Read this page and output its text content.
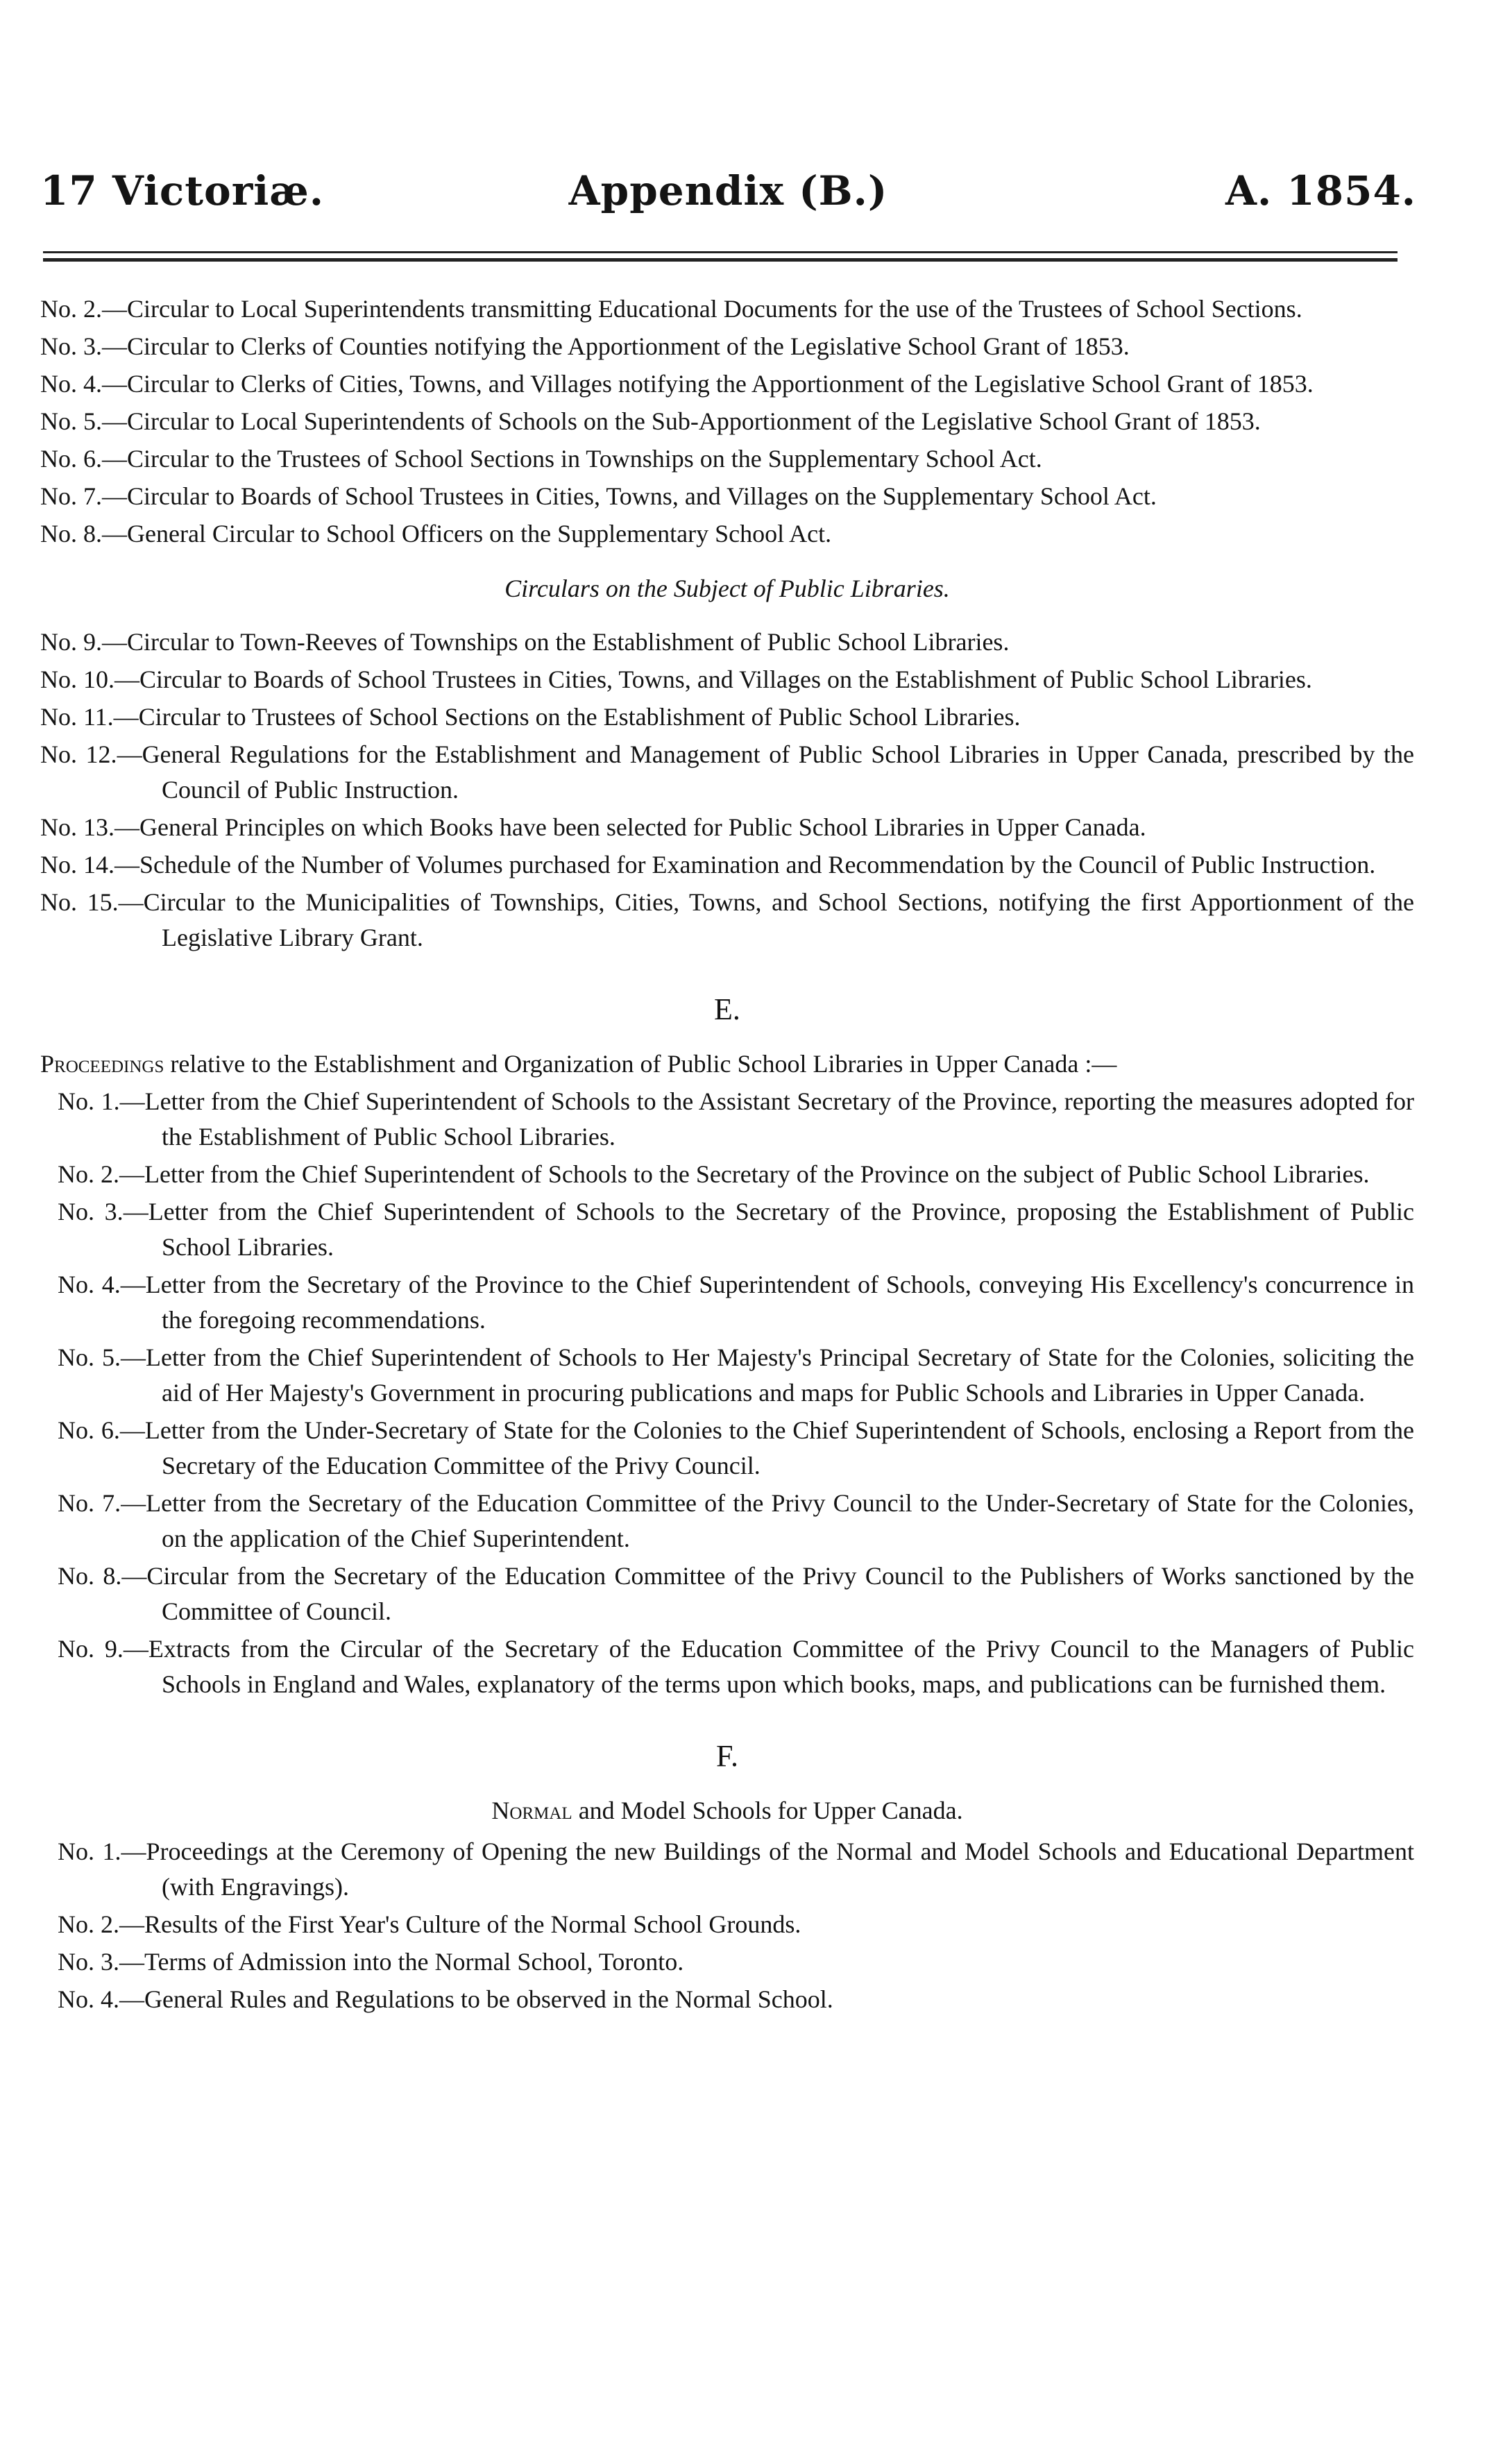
17 Victoriæ.	Appendix (B.)	A. 1854.

No. 2.—Circular to Local Superintendents transmitting Educational Documents for the use of the Trustees of School Sections.

No. 3.—Circular to Clerks of Counties notifying the Apportionment of the Legislative School Grant of 1853.

No. 4.—Circular to Clerks of Cities, Towns, and Villages notifying the Apportionment of the Legislative School Grant of 1853.

No. 5.—Circular to Local Superintendents of Schools on the Sub-Apportionment of the Legislative School Grant of 1853.

No. 6.—Circular to the Trustees of School Sections in Townships on the Supplementary School Act.

No. 7.—Circular to Boards of School Trustees in Cities, Towns, and Villages on the Supplementary School Act.

No. 8.—General Circular to School Officers on the Supplementary School Act.

Circulars on the Subject of Public Libraries.

No. 9.—Circular to Town-Reeves of Townships on the Establishment of Public School Libraries.

No. 10.—Circular to Boards of School Trustees in Cities, Towns, and Villages on the Establishment of Public School Libraries.

No. 11.—Circular to Trustees of School Sections on the Establishment of Public School Libraries.

No. 12.—General Regulations for the Establishment and Management of Public School Libraries in Upper Canada, prescribed by the Council of Public Instruction.

No. 13.—General Principles on which Books have been selected for Public School Libraries in Upper Canada.

No. 14.—Schedule of the Number of Volumes purchased for Examination and Recommendation by the Council of Public Instruction.

No. 15.—Circular to the Municipalities of Townships, Cities, Towns, and School Sections, notifying the first Apportionment of the Legislative Library Grant.

E.

Proceedings relative to the Establishment and Organization of Public School Libraries in Upper Canada :—

No. 1.—Letter from the Chief Superintendent of Schools to the Assistant Secretary of the Province, reporting the measures adopted for the Establishment of Public School Libraries.

No. 2.—Letter from the Chief Superintendent of Schools to the Secretary of the Province on the subject of Public School Libraries.

No. 3.—Letter from the Chief Superintendent of Schools to the Secretary of the Province, proposing the Establishment of Public School Libraries.

No. 4.—Letter from the Secretary of the Province to the Chief Superintendent of Schools, conveying His Excellency's concurrence in the foregoing recommendations.

No. 5.—Letter from the Chief Superintendent of Schools to Her Majesty's Principal Secretary of State for the Colonies, soliciting the aid of Her Majesty's Government in procuring publications and maps for Public Schools and Libraries in Upper Canada.

No. 6.—Letter from the Under-Secretary of State for the Colonies to the Chief Superintendent of Schools, enclosing a Report from the Secretary of the Education Committee of the Privy Council.

No. 7.—Letter from the Secretary of the Education Committee of the Privy Council to the Under-Secretary of State for the Colonies, on the application of the Chief Superintendent.

No. 8.—Circular from the Secretary of the Education Committee of the Privy Council to the Publishers of Works sanctioned by the Committee of Council.

No. 9.—Extracts from the Circular of the Secretary of the Education Committee of the Privy Council to the Managers of Public Schools in England and Wales, explanatory of the terms upon which books, maps, and publications can be furnished them.

F.

Normal and Model Schools for Upper Canada.

No. 1.—Proceedings at the Ceremony of Opening the new Buildings of the Normal and Model Schools and Educational Department (with Engravings).

No. 2.—Results of the First Year's Culture of the Normal School Grounds.

No. 3.—Terms of Admission into the Normal School, Toronto.

No. 4.—General Rules and Regulations to be observed in the Normal School.
